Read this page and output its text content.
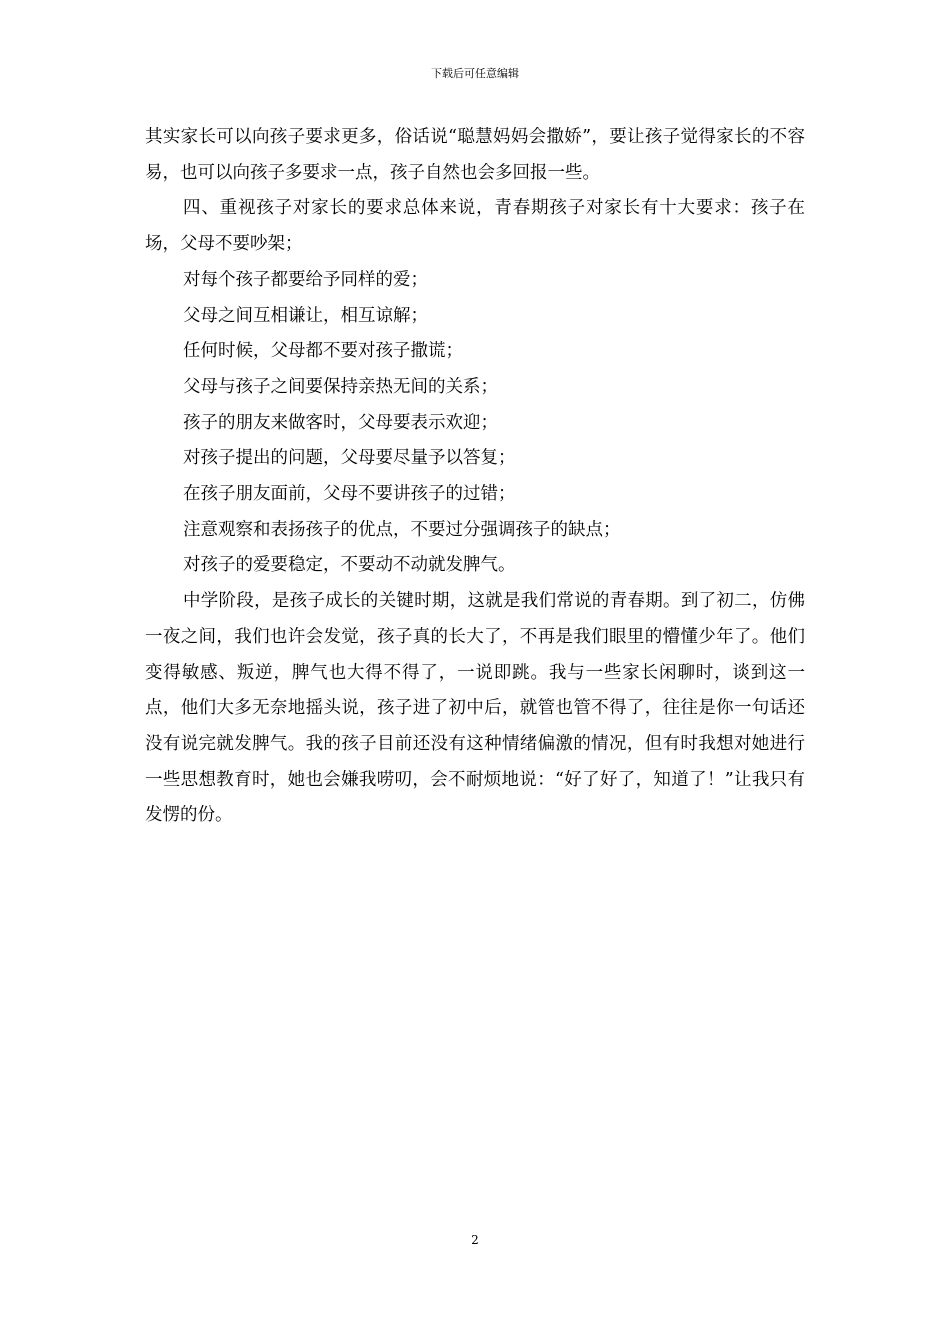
下载后可任意编辑

其实家长可以向孩子要求更多，俗话说“聪慧妈妈会撒娇”，要让孩子觉得家长的不容易，也可以向孩子多要求一点，孩子自然也会多回报一些。

四、重视孩子对家长的要求总体来说，青春期孩子对家长有十大要求：孩子在场，父母不要吵架；

对每个孩子都要给予同样的爱；

父母之间互相谦让，相互谅解；

任何时候，父母都不要对孩子撒谎；

父母与孩子之间要保持亲热无间的关系；

孩子的朋友来做客时，父母要表示欢迎；

对孩子提出的问题，父母要尽量予以答复；

在孩子朋友面前，父母不要讲孩子的过错；

注意观察和表扬孩子的优点，不要过分强调孩子的缺点；

对孩子的爱要稳定，不要动不动就发脾气。

中学阶段，是孩子成长的关键时期，这就是我们常说的青春期。到了初二，仿佛一夜之间，我们也许会发觉，孩子真的长大了，不再是我们眼里的懵懂少年了。他们变得敏感、叛逆，脾气也大得不得了，一说即跳。我与一些家长闲聊时，谈到这一点，他们大多无奈地摇头说，孩子进了初中后，就管也管不得了，往往是你一句话还没有说完就发脾气。我的孩子目前还没有这种情绪偏激的情况，但有时我想对她进行一些思想教育时，她也会嫌我唠叨，会不耐烦地说：“好了好了，知道了！”让我只有发愣的份。

2
